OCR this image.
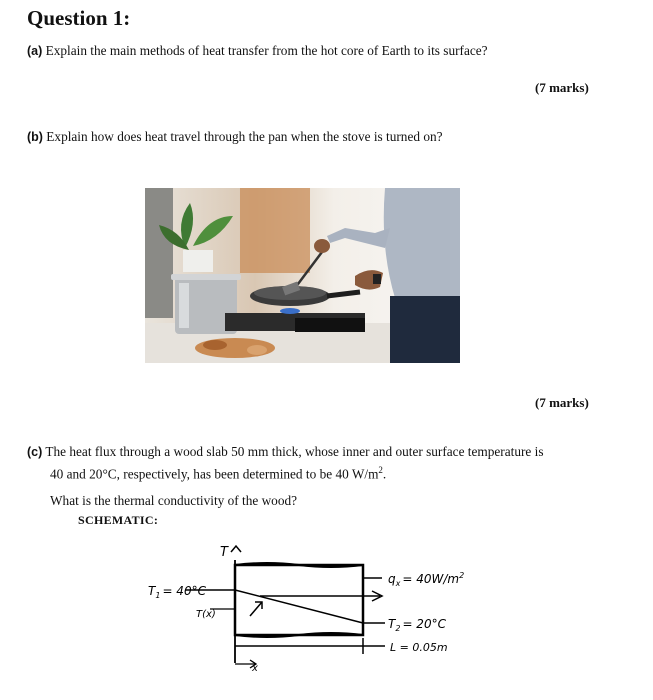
Question 1:
(a) Explain the main methods of heat transfer from the hot core of Earth to its surface?
(7 marks)
(b) Explain how does heat travel through the pan when the stove is turned on?
(7 marks)
(c) The heat flux through a wood slab 50 mm thick, whose inner and outer surface temperature is
40 and 20°C, respectively, has been determined to be 40 $W/m^2$.
What is the thermal conductivity of the wood?
SCHEMATIC:
T
x
$T_1 = 40^\circ C$
T(x)
$q_x = 40W/m^2$
$T_2 = 20^\circ C$
L = 0.05m
